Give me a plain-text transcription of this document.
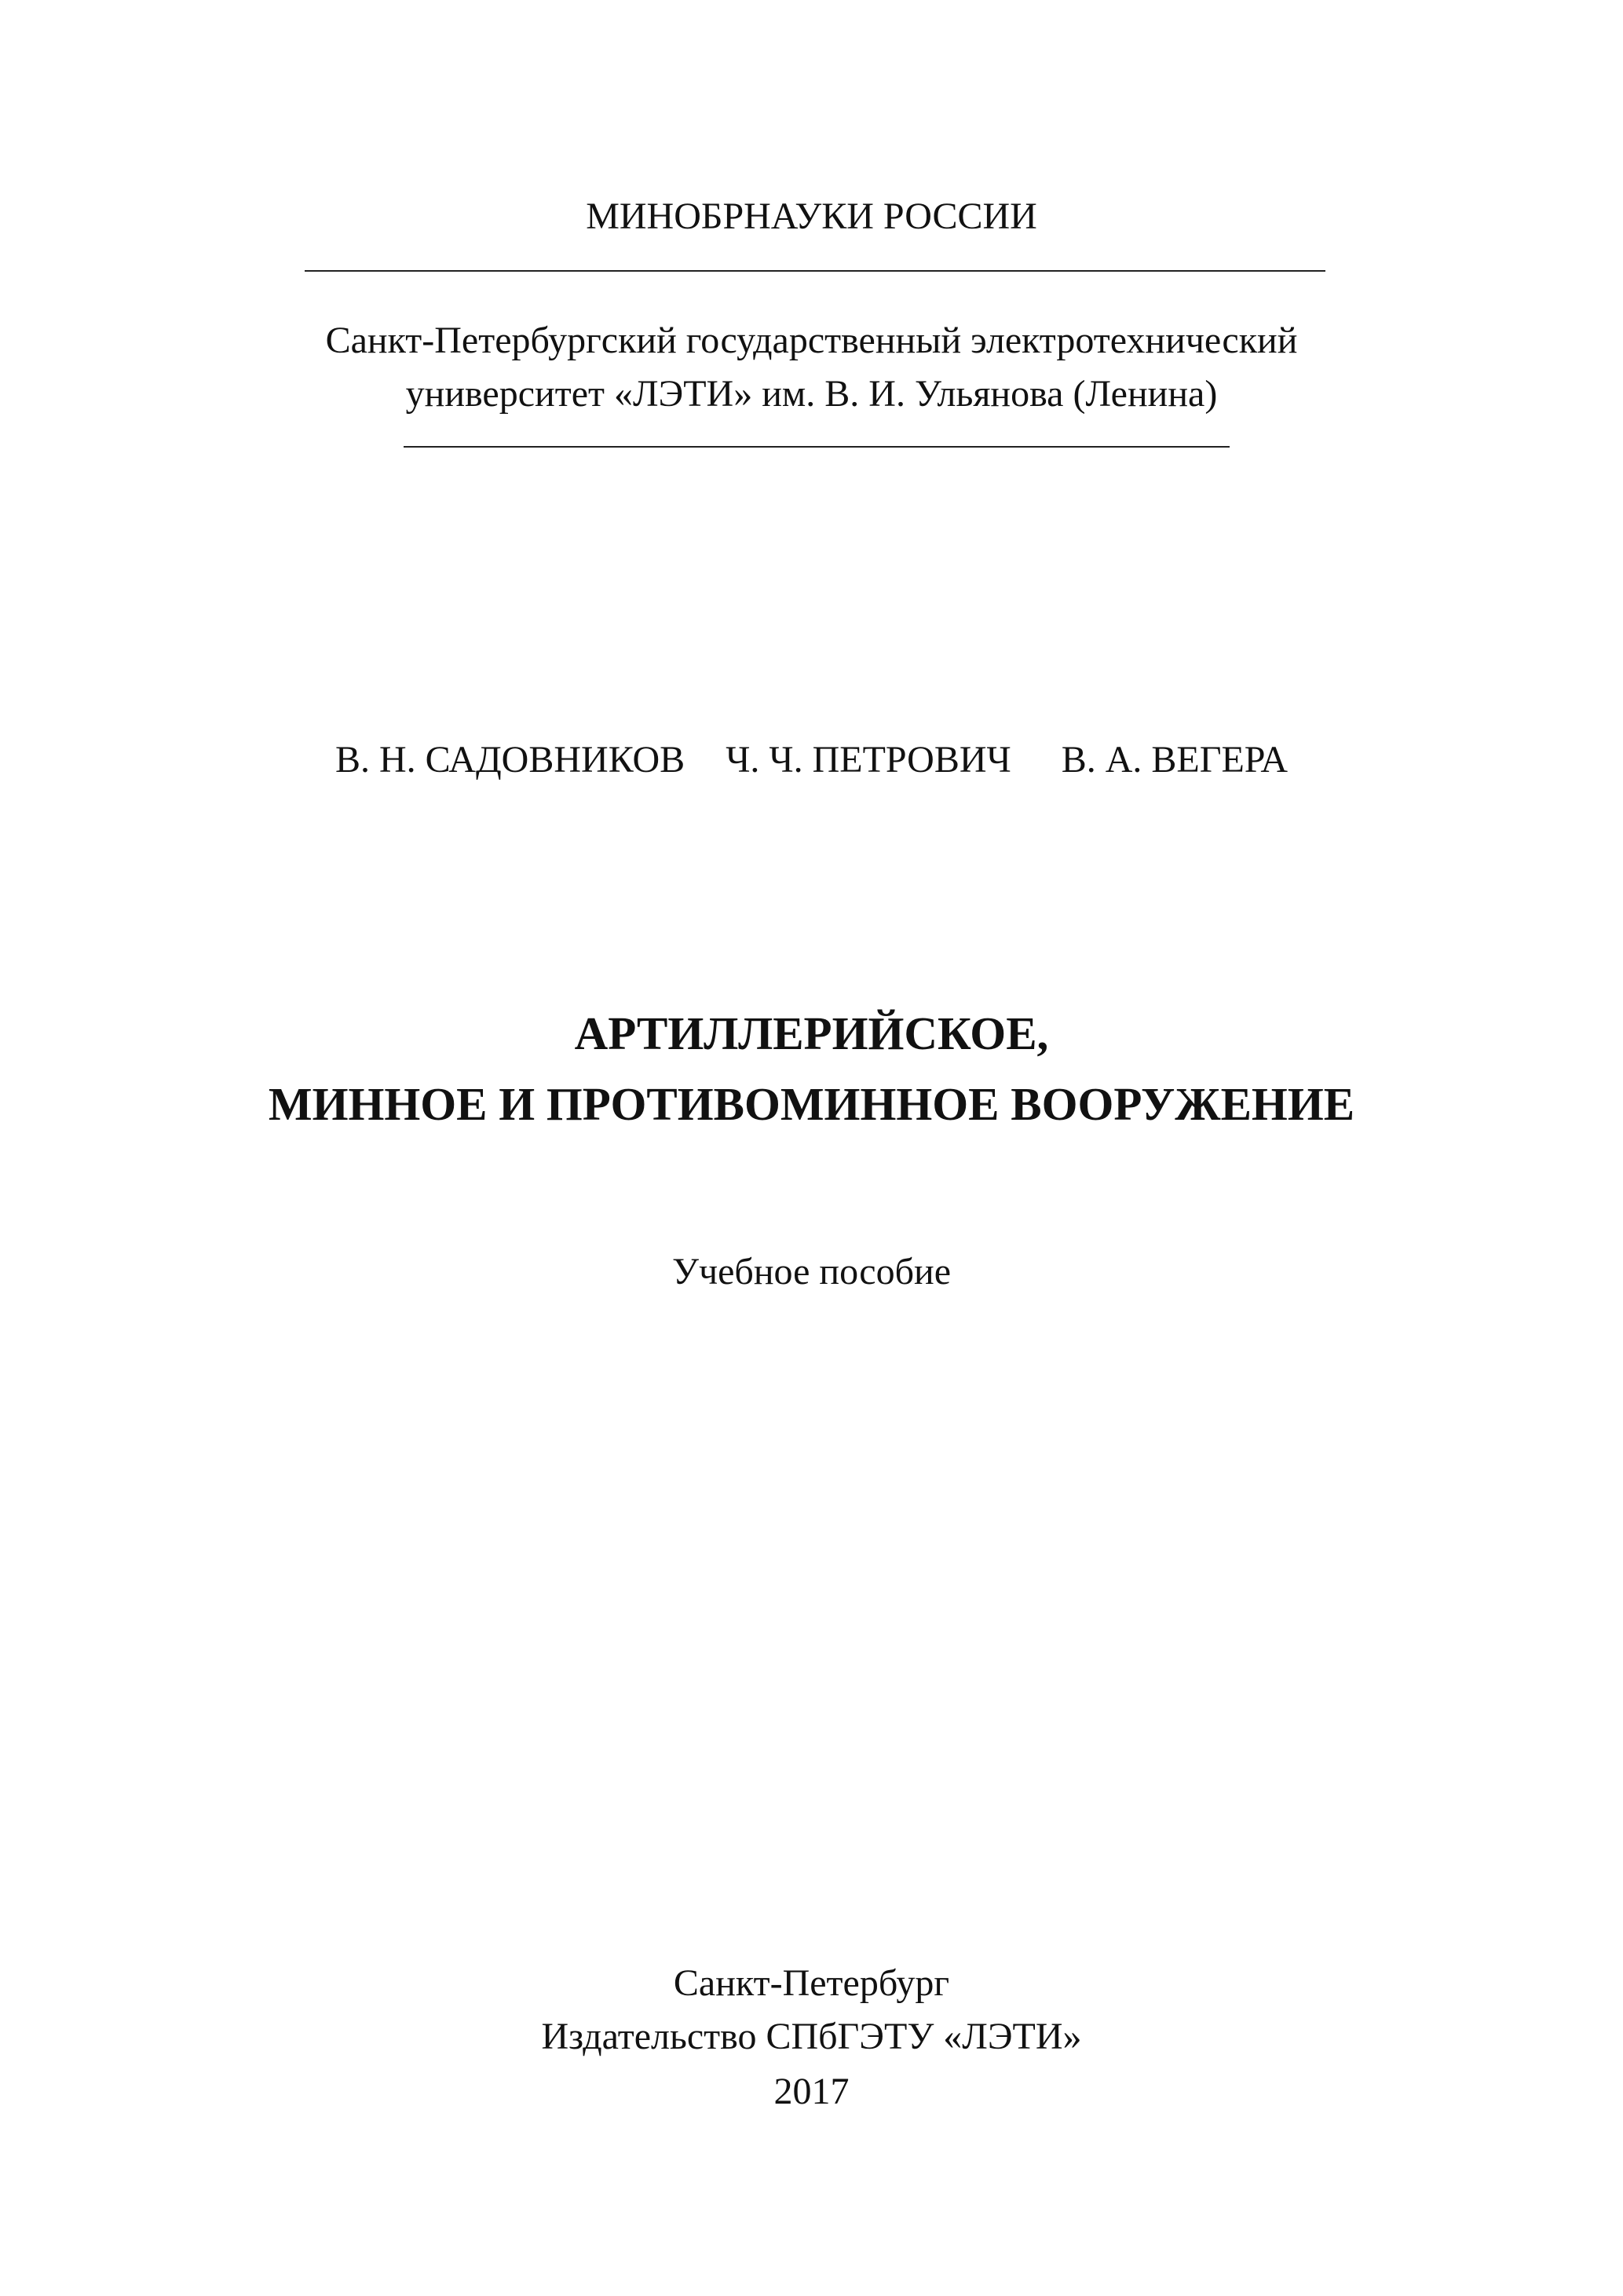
МИНОБРНАУКИ РОССИИ
Санкт-Петербургский государственный электротехнический
университет «ЛЭТИ» им. В. И. Ульянова (Ленина)
В. Н. САДОВНИКОВ Ч. Ч. ПЕТРОВИЧ В. А. ВЕГЕРА
АРТИЛЛЕРИЙСКОЕ,
МИННОЕ И ПРОТИВОМИННОЕ ВООРУЖЕНИЕ
Учебное пособие
Санкт-Петербург
Издательство СПбГЭТУ «ЛЭТИ»
2017
